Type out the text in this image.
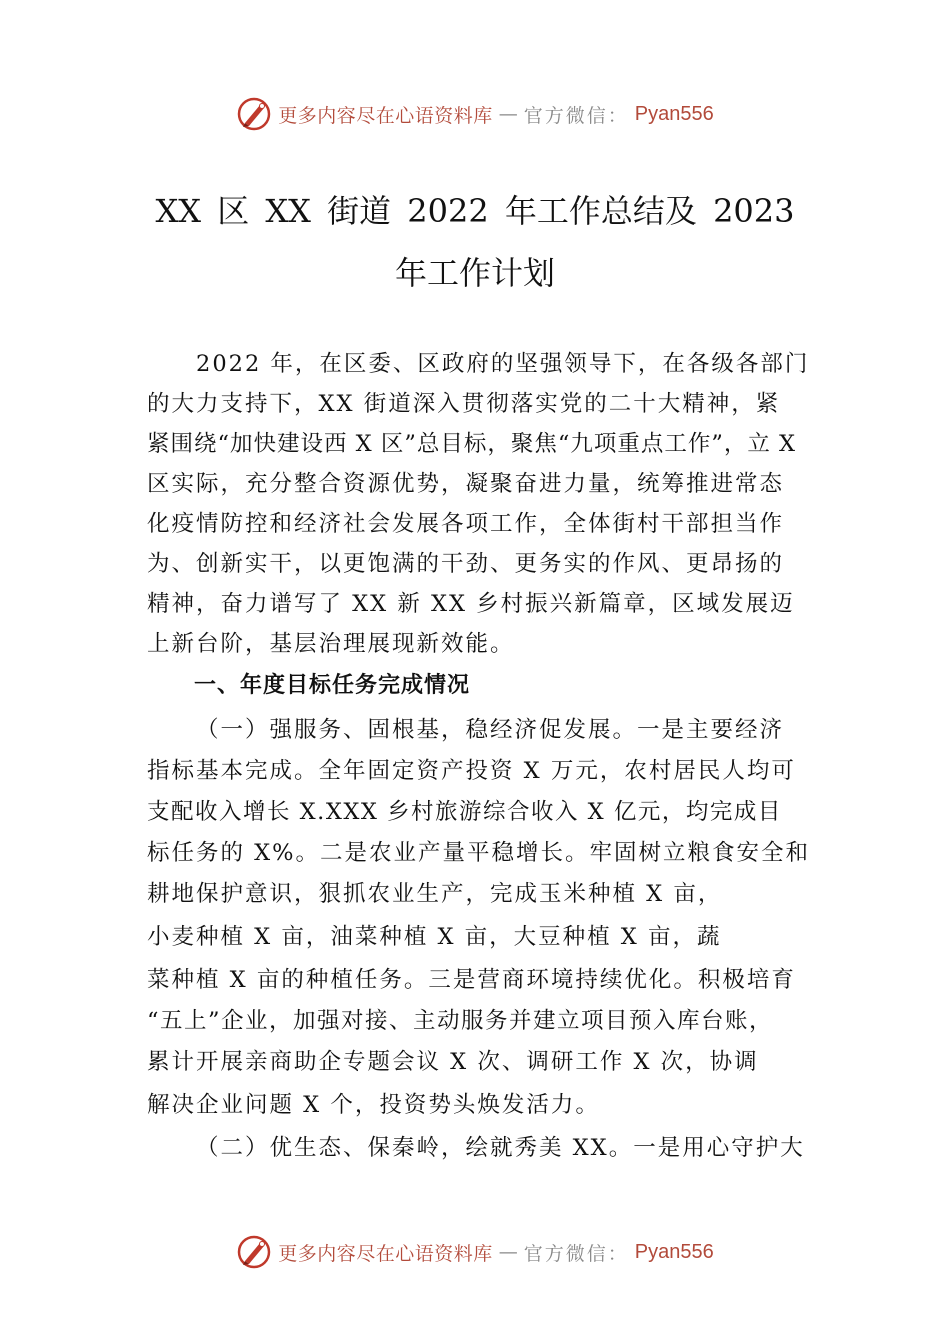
更多内容尽在心语资料库 — 官方微信： Pyan556
XX 区 XX 街道 2022 年工作总结及 2023
年工作计划
2022 年，在区委、区政府的坚强领导下，在各级各部门
的大力支持下，XX 街道深入贯彻落实党的二十大精神，紧
紧围绕“加快建设西 X 区”总目标，聚焦“九项重点工作”，立 X
区实际，充分整合资源优势，凝聚奋进力量，统筹推进常态
化疫情防控和经济社会发展各项工作，全体街村干部担当作
为、创新实干，以更饱满的干劲、更务实的作风、更昂扬的
精神，奋力谱写了 XX 新 XX 乡村振兴新篇章，区域发展迈
上新台阶，基层治理展现新效能。
一、年度目标任务完成情况
（一）强服务、固根基，稳经济促发展。一是主要经济
指标基本完成。全年固定资产投资 X 万元，农村居民人均可
支配收入增长 X.XXX 乡村旅游综合收入 X 亿元，均完成目
标任务的 X%。二是农业产量平稳增长。牢固树立粮食安全和
耕地保护意识，狠抓农业生产，完成玉米种植 X 亩，
小麦种植 X 亩，油菜种植 X 亩，大豆种植 X 亩，蔬
菜种植 X 亩的种植任务。三是营商环境持续优化。积极培育
“五上”企业，加强对接、主动服务并建立项目预入库台账，
累计开展亲商助企专题会议 X 次、调研工作 X 次，协调
解决企业问题 X 个，投资势头焕发活力。
（二）优生态、保秦岭，绘就秀美 XX。一是用心守护大
更多内容尽在心语资料库 — 官方微信： Pyan556
